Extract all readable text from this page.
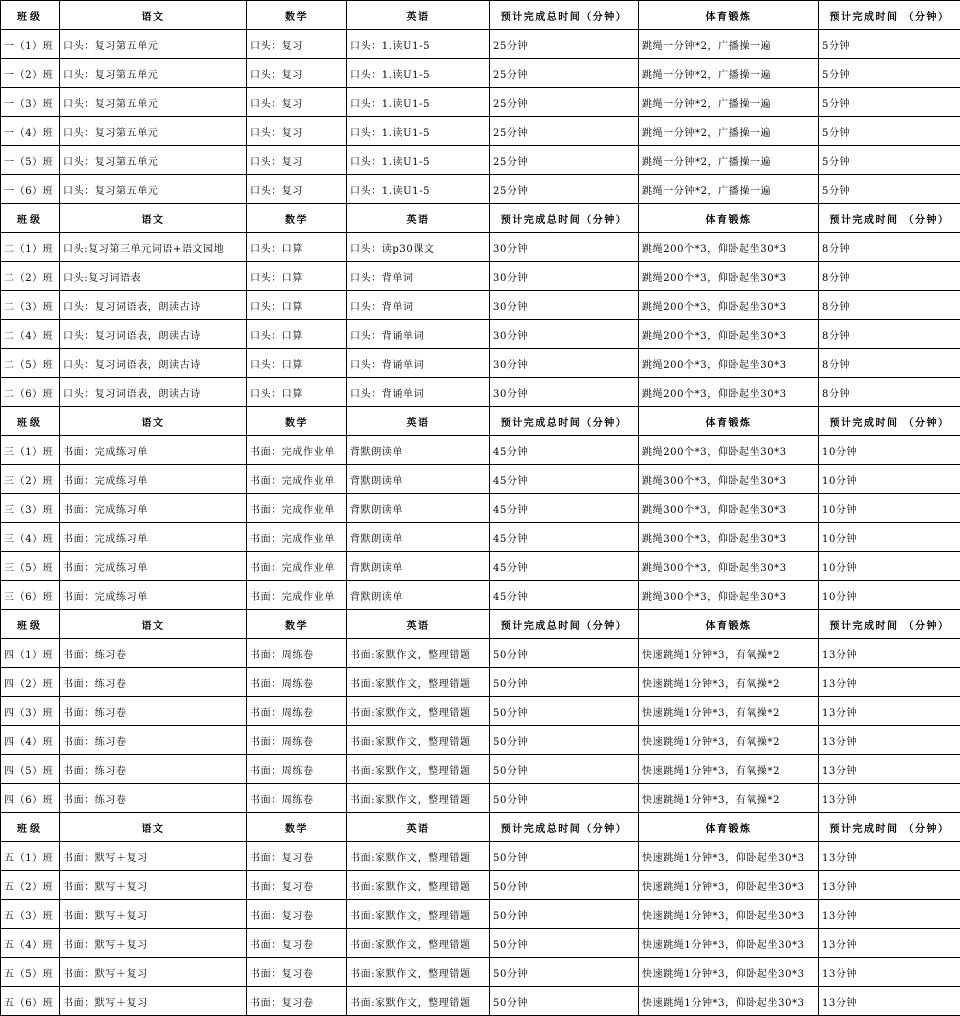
班级	语文	数学	英语	预计完成总时间（分钟）	体育锻炼	预计完成时间 （分钟）
一（1）班	口头：复习第五单元	口头：复习	口头：1.读U1-5	25分钟	跳绳一分钟*2，广播操一遍	5分钟
一（2）班	口头：复习第五单元	口头：复习	口头：1.读U1-5	25分钟	跳绳一分钟*2，广播操一遍	5分钟
一（3）班	口头：复习第五单元	口头：复习	口头：1.读U1-5	25分钟	跳绳一分钟*2，广播操一遍	5分钟
一（4）班	口头：复习第五单元	口头：复习	口头：1.读U1-5	25分钟	跳绳一分钟*2，广播操一遍	5分钟
一（5）班	口头：复习第五单元	口头：复习	口头：1.读U1-5	25分钟	跳绳一分钟*2，广播操一遍	5分钟
一（6）班	口头：复习第五单元	口头：复习	口头：1.读U1-5	25分钟	跳绳一分钟*2，广播操一遍	5分钟
班级	语文	数学	英语	预计完成总时间（分钟）	体育锻炼	预计完成时间 （分钟）
二（1）班	口头:复习第三单元词语+语文园地	口头：口算	口头：读p30课文	30分钟	跳绳200个*3，仰卧起坐30*3	8分钟
二（2）班	口头:复习词语表	口头：口算	口头：背单词	30分钟	跳绳200个*3，仰卧起坐30*3	8分钟
二（3）班	口头：复习词语表，朗读古诗	口头：口算	口头：背单词	30分钟	跳绳200个*3，仰卧起坐30*3	8分钟
二（4）班	口头：复习词语表，朗读古诗	口头：口算	口头：背诵单词	30分钟	跳绳200个*3，仰卧起坐30*3	8分钟
二（5）班	口头：复习词语表，朗读古诗	口头：口算	口头：背诵单词	30分钟	跳绳200个*3，仰卧起坐30*3	8分钟
二（6）班	口头：复习词语表，朗读古诗	口头：口算	口头：背诵单词	30分钟	跳绳200个*3，仰卧起坐30*3	8分钟
班级	语文	数学	英语	预计完成总时间（分钟）	体育锻炼	预计完成时间 （分钟）
三（1）班	书面：完成练习单	书面：完成作业单	背默朗读单	45分钟	跳绳200个*3，仰卧起坐30*3	10分钟
三（2）班	书面：完成练习单	书面：完成作业单	背默朗读单	45分钟	跳绳300个*3，仰卧起坐30*3	10分钟
三（3）班	书面：完成练习单	书面：完成作业单	背默朗读单	45分钟	跳绳300个*3，仰卧起坐30*3	10分钟
三（4）班	书面：完成练习单	书面：完成作业单	背默朗读单	45分钟	跳绳300个*3，仰卧起坐30*3	10分钟
三（5）班	书面：完成练习单	书面：完成作业单	背默朗读单	45分钟	跳绳300个*3，仰卧起坐30*3	10分钟
三（6）班	书面：完成练习单	书面：完成作业单	背默朗读单	45分钟	跳绳300个*3，仰卧起坐30*3	10分钟
班级	语文	数学	英语	预计完成总时间（分钟）	体育锻炼	预计完成时间 （分钟）
四（1）班	书面：练习卷	书面：周练卷	书面:家默作文，整理错题	50分钟	快速跳绳1分钟*3，有氧操*2	13分钟
四（2）班	书面：练习卷	书面：周练卷	书面:家默作文，整理错题	50分钟	快速跳绳1分钟*3，有氧操*2	13分钟
四（3）班	书面：练习卷	书面：周练卷	书面:家默作文，整理错题	50分钟	快速跳绳1分钟*3，有氧操*2	13分钟
四（4）班	书面：练习卷	书面：周练卷	书面:家默作文，整理错题	50分钟	快速跳绳1分钟*3，有氧操*2	13分钟
四（5）班	书面：练习卷	书面：周练卷	书面:家默作文，整理错题	50分钟	快速跳绳1分钟*3，有氧操*2	13分钟
四（6）班	书面：练习卷	书面：周练卷	书面:家默作文，整理错题	50分钟	快速跳绳1分钟*3，有氧操*2	13分钟
班级	语文	数学	英语	预计完成总时间（分钟）	体育锻炼	预计完成时间 （分钟）
五（1）班	书面：默写＋复习	书面：复习卷	书面:家默作文，整理错题	50分钟	快速跳绳1分钟*3，仰卧起坐30*3	13分钟
五（2）班	书面：默写＋复习	书面：复习卷	书面:家默作文，整理错题	50分钟	快速跳绳1分钟*3，仰卧起坐30*3	13分钟
五（3）班	书面：默写＋复习	书面：复习卷	书面:家默作文，整理错题	50分钟	快速跳绳1分钟*3，仰卧起坐30*3	13分钟
五（4）班	书面：默写＋复习	书面：复习卷	书面:家默作文，整理错题	50分钟	快速跳绳1分钟*3，仰卧起坐30*3	13分钟
五（5）班	书面：默写＋复习	书面：复习卷	书面:家默作文，整理错题	50分钟	快速跳绳1分钟*3，仰卧起坐30*3	13分钟
五（6）班	书面：默写＋复习	书面：复习卷	书面:家默作文，整理错题	50分钟	快速跳绳1分钟*3，仰卧起坐30*3	13分钟
